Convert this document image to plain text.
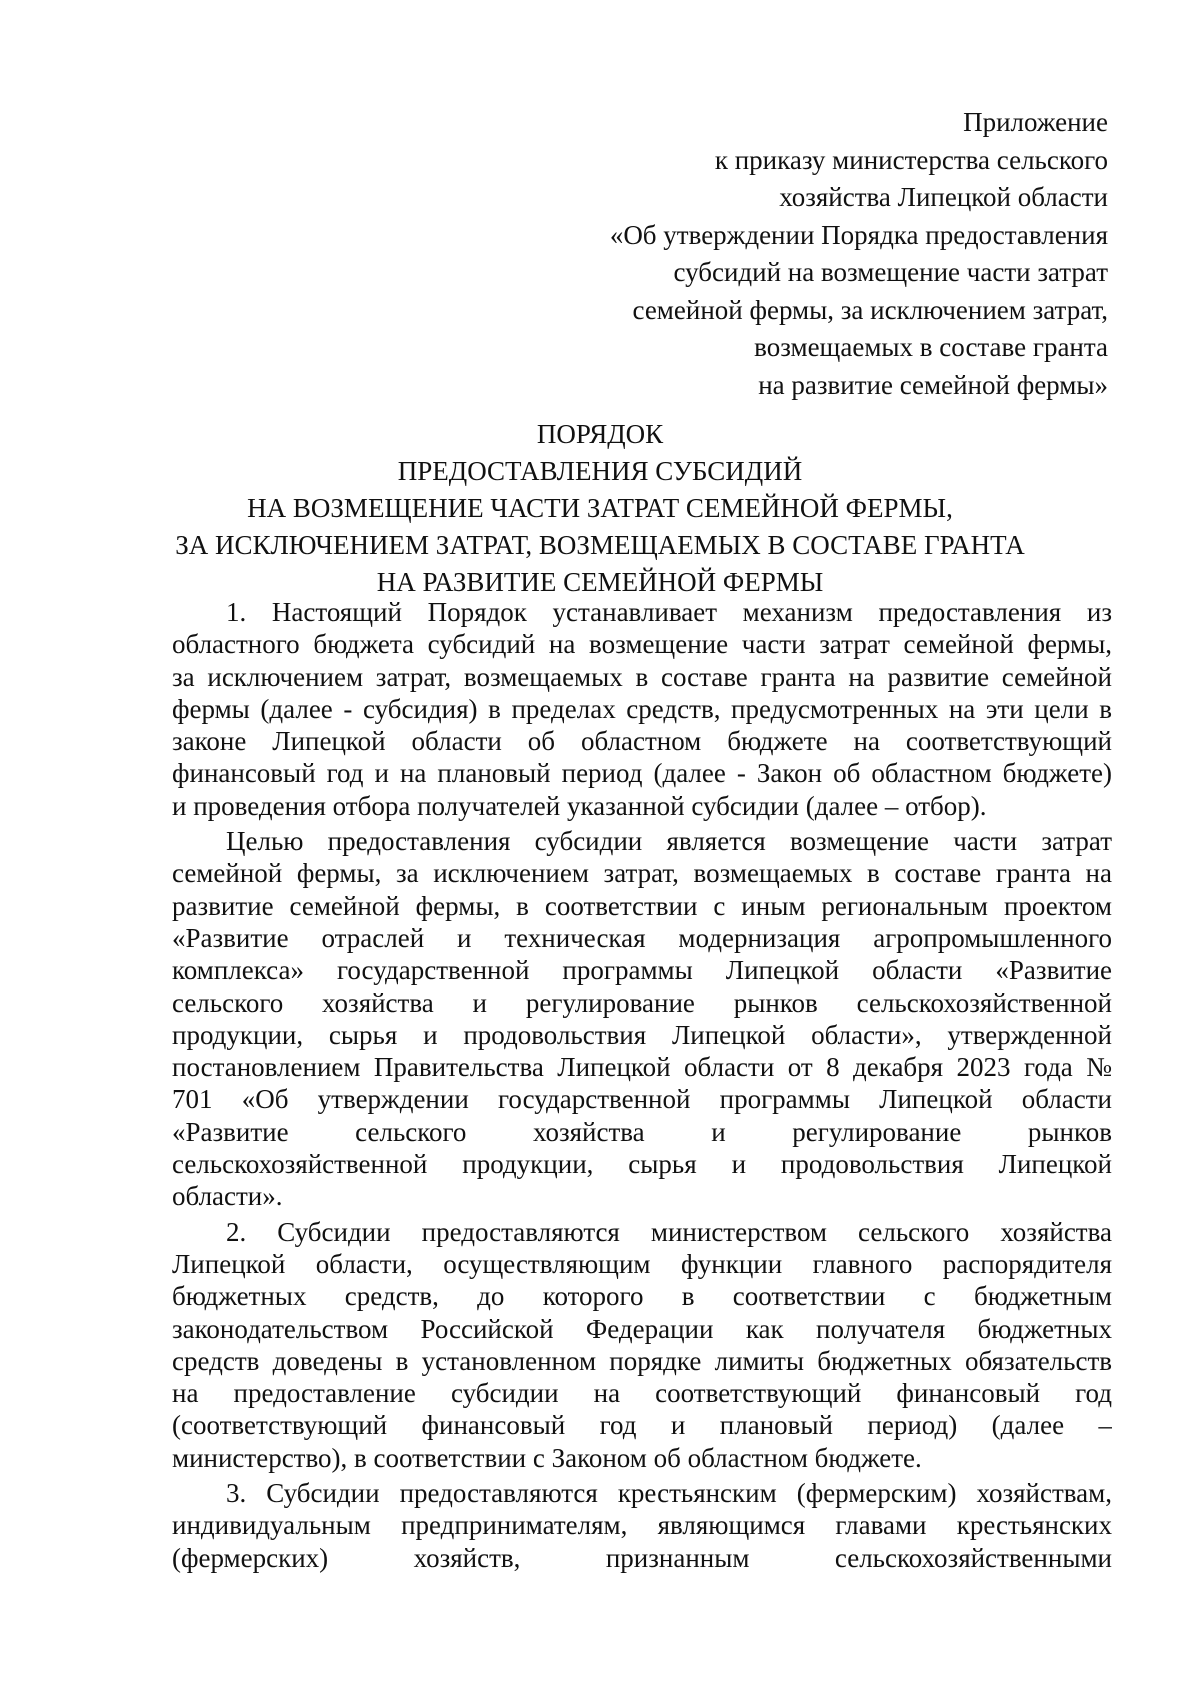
Приложение
к приказу министерства сельского
хозяйства Липецкой области
«Об утверждении Порядка предоставления
субсидий на возмещение части затрат
семейной фермы, за исключением затрат,
возмещаемых в составе гранта
на развитие семейной фермы»
ПОРЯДОК
ПРЕДОСТАВЛЕНИЯ СУБСИДИЙ
НА ВОЗМЕЩЕНИЕ ЧАСТИ ЗАТРАТ СЕМЕЙНОЙ ФЕРМЫ,
ЗА ИСКЛЮЧЕНИЕМ ЗАТРАТ, ВОЗМЕЩАЕМЫХ В СОСТАВЕ ГРАНТА
НА РАЗВИТИЕ СЕМЕЙНОЙ ФЕРМЫ
1. Настоящий Порядок устанавливает механизм предоставления из
областного бюджета субсидий на возмещение части затрат семейной фермы,
за исключением затрат, возмещаемых в составе гранта на развитие семейной
фермы (далее - субсидия) в пределах средств, предусмотренных на эти цели в
законе Липецкой области об областном бюджете на соответствующий
финансовый год и на плановый период (далее - Закон об областном бюджете)
и проведения отбора получателей указанной субсидии (далее – отбор).
Целью предоставления субсидии является возмещение части затрат
семейной фермы, за исключением затрат, возмещаемых в составе гранта на
развитие семейной фермы, в соответствии с иным региональным проектом
«Развитие отраслей и техническая модернизация агропромышленного
комплекса» государственной программы Липецкой области «Развитие
сельского хозяйства и регулирование рынков сельскохозяйственной
продукции, сырья и продовольствия Липецкой области», утвержденной
постановлением Правительства Липецкой области от 8 декабря 2023 года №
701 «Об утверждении государственной программы Липецкой области
«Развитие сельского хозяйства и регулирование рынков
сельскохозяйственной продукции, сырья и продовольствия Липецкой
области».
2. Субсидии предоставляются министерством сельского хозяйства
Липецкой области, осуществляющим функции главного распорядителя
бюджетных средств, до которого в соответствии с бюджетным
законодательством Российской Федерации как получателя бюджетных
средств доведены в установленном порядке лимиты бюджетных обязательств
на предоставление субсидии на соответствующий финансовый год
(соответствующий финансовый год и плановый период) (далее –
министерство), в соответствии с Законом об областном бюджете.
3. Субсидии предоставляются крестьянским (фермерским) хозяйствам,
индивидуальным предпринимателям, являющимся главами крестьянских
(фермерских) хозяйств, признанным сельскохозяйственными
